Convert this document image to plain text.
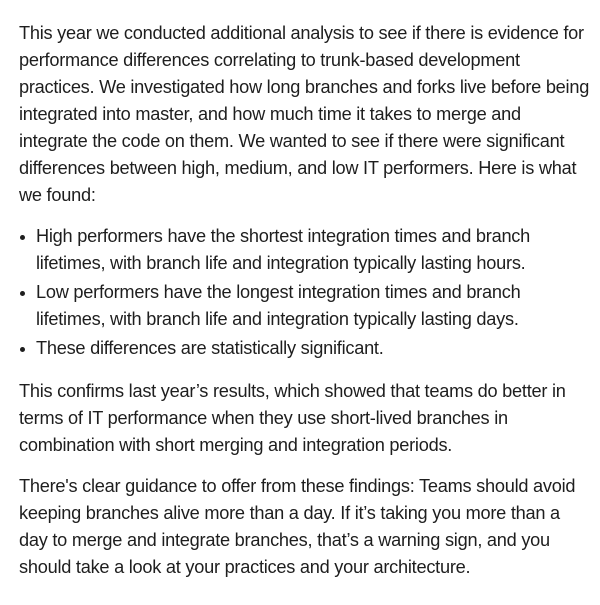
This year we conducted additional analysis to see if there is evidence for performance differences correlating to trunk-based development practices. We investigated how long branches and forks live before being integrated into master, and how much time it takes to merge and integrate the code on them. We wanted to see if there were significant differences between high, medium, and low IT performers. Here is what we found:

High performers have the shortest integration times and branch lifetimes, with branch life and integration typically lasting hours.
Low performers have the longest integration times and branch lifetimes, with branch life and integration typically lasting days.
These differences are statistically significant.

This confirms last year’s results, which showed that teams do better in terms of IT performance when they use short-lived branches in combination with short merging and integration periods.

There's clear guidance to offer from these findings: Teams should avoid keeping branches alive more than a day. If it’s taking you more than a day to merge and integrate branches, that’s a warning sign, and you should take a look at your practices and your architecture.
